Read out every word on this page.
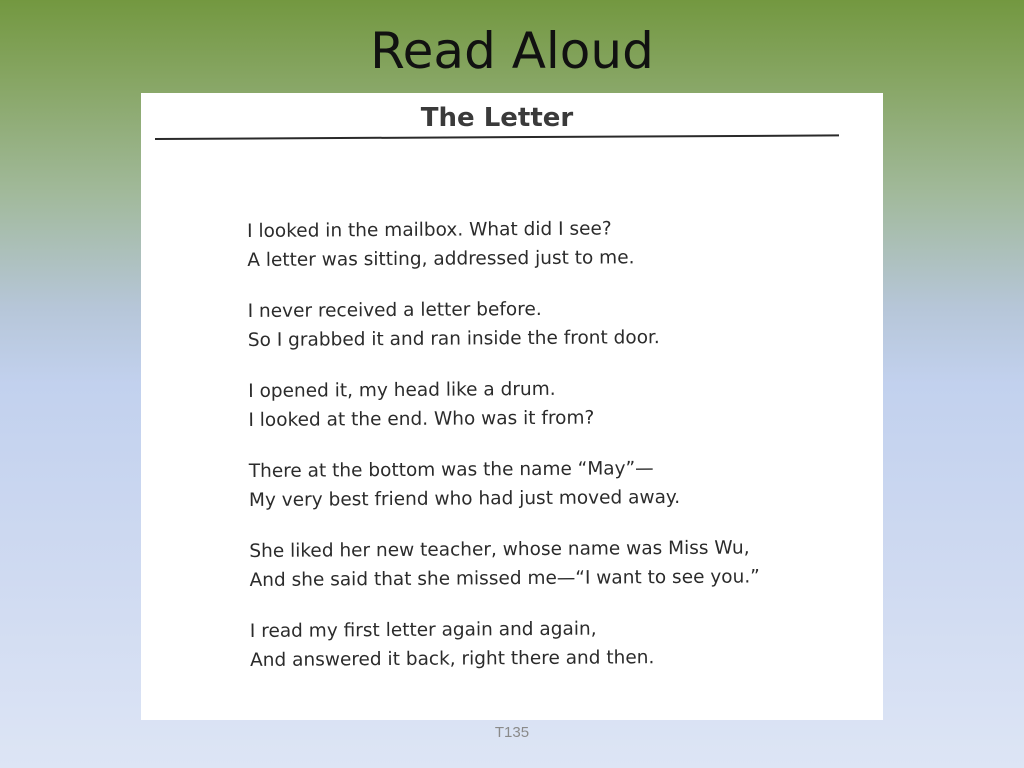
Read Aloud
The Letter
I looked in the mailbox. What did I see?
A letter was sitting, addressed just to me.
I never received a letter before.
So I grabbed it and ran inside the front door.
I opened it, my head like a drum.
I looked at the end. Who was it from?
There at the bottom was the name “May”—
My very best friend who had just moved away.
She liked her new teacher, whose name was Miss Wu,
And she said that she missed me—“I want to see you.”
I read my first letter again and again,
And answered it back, right there and then.
T135
